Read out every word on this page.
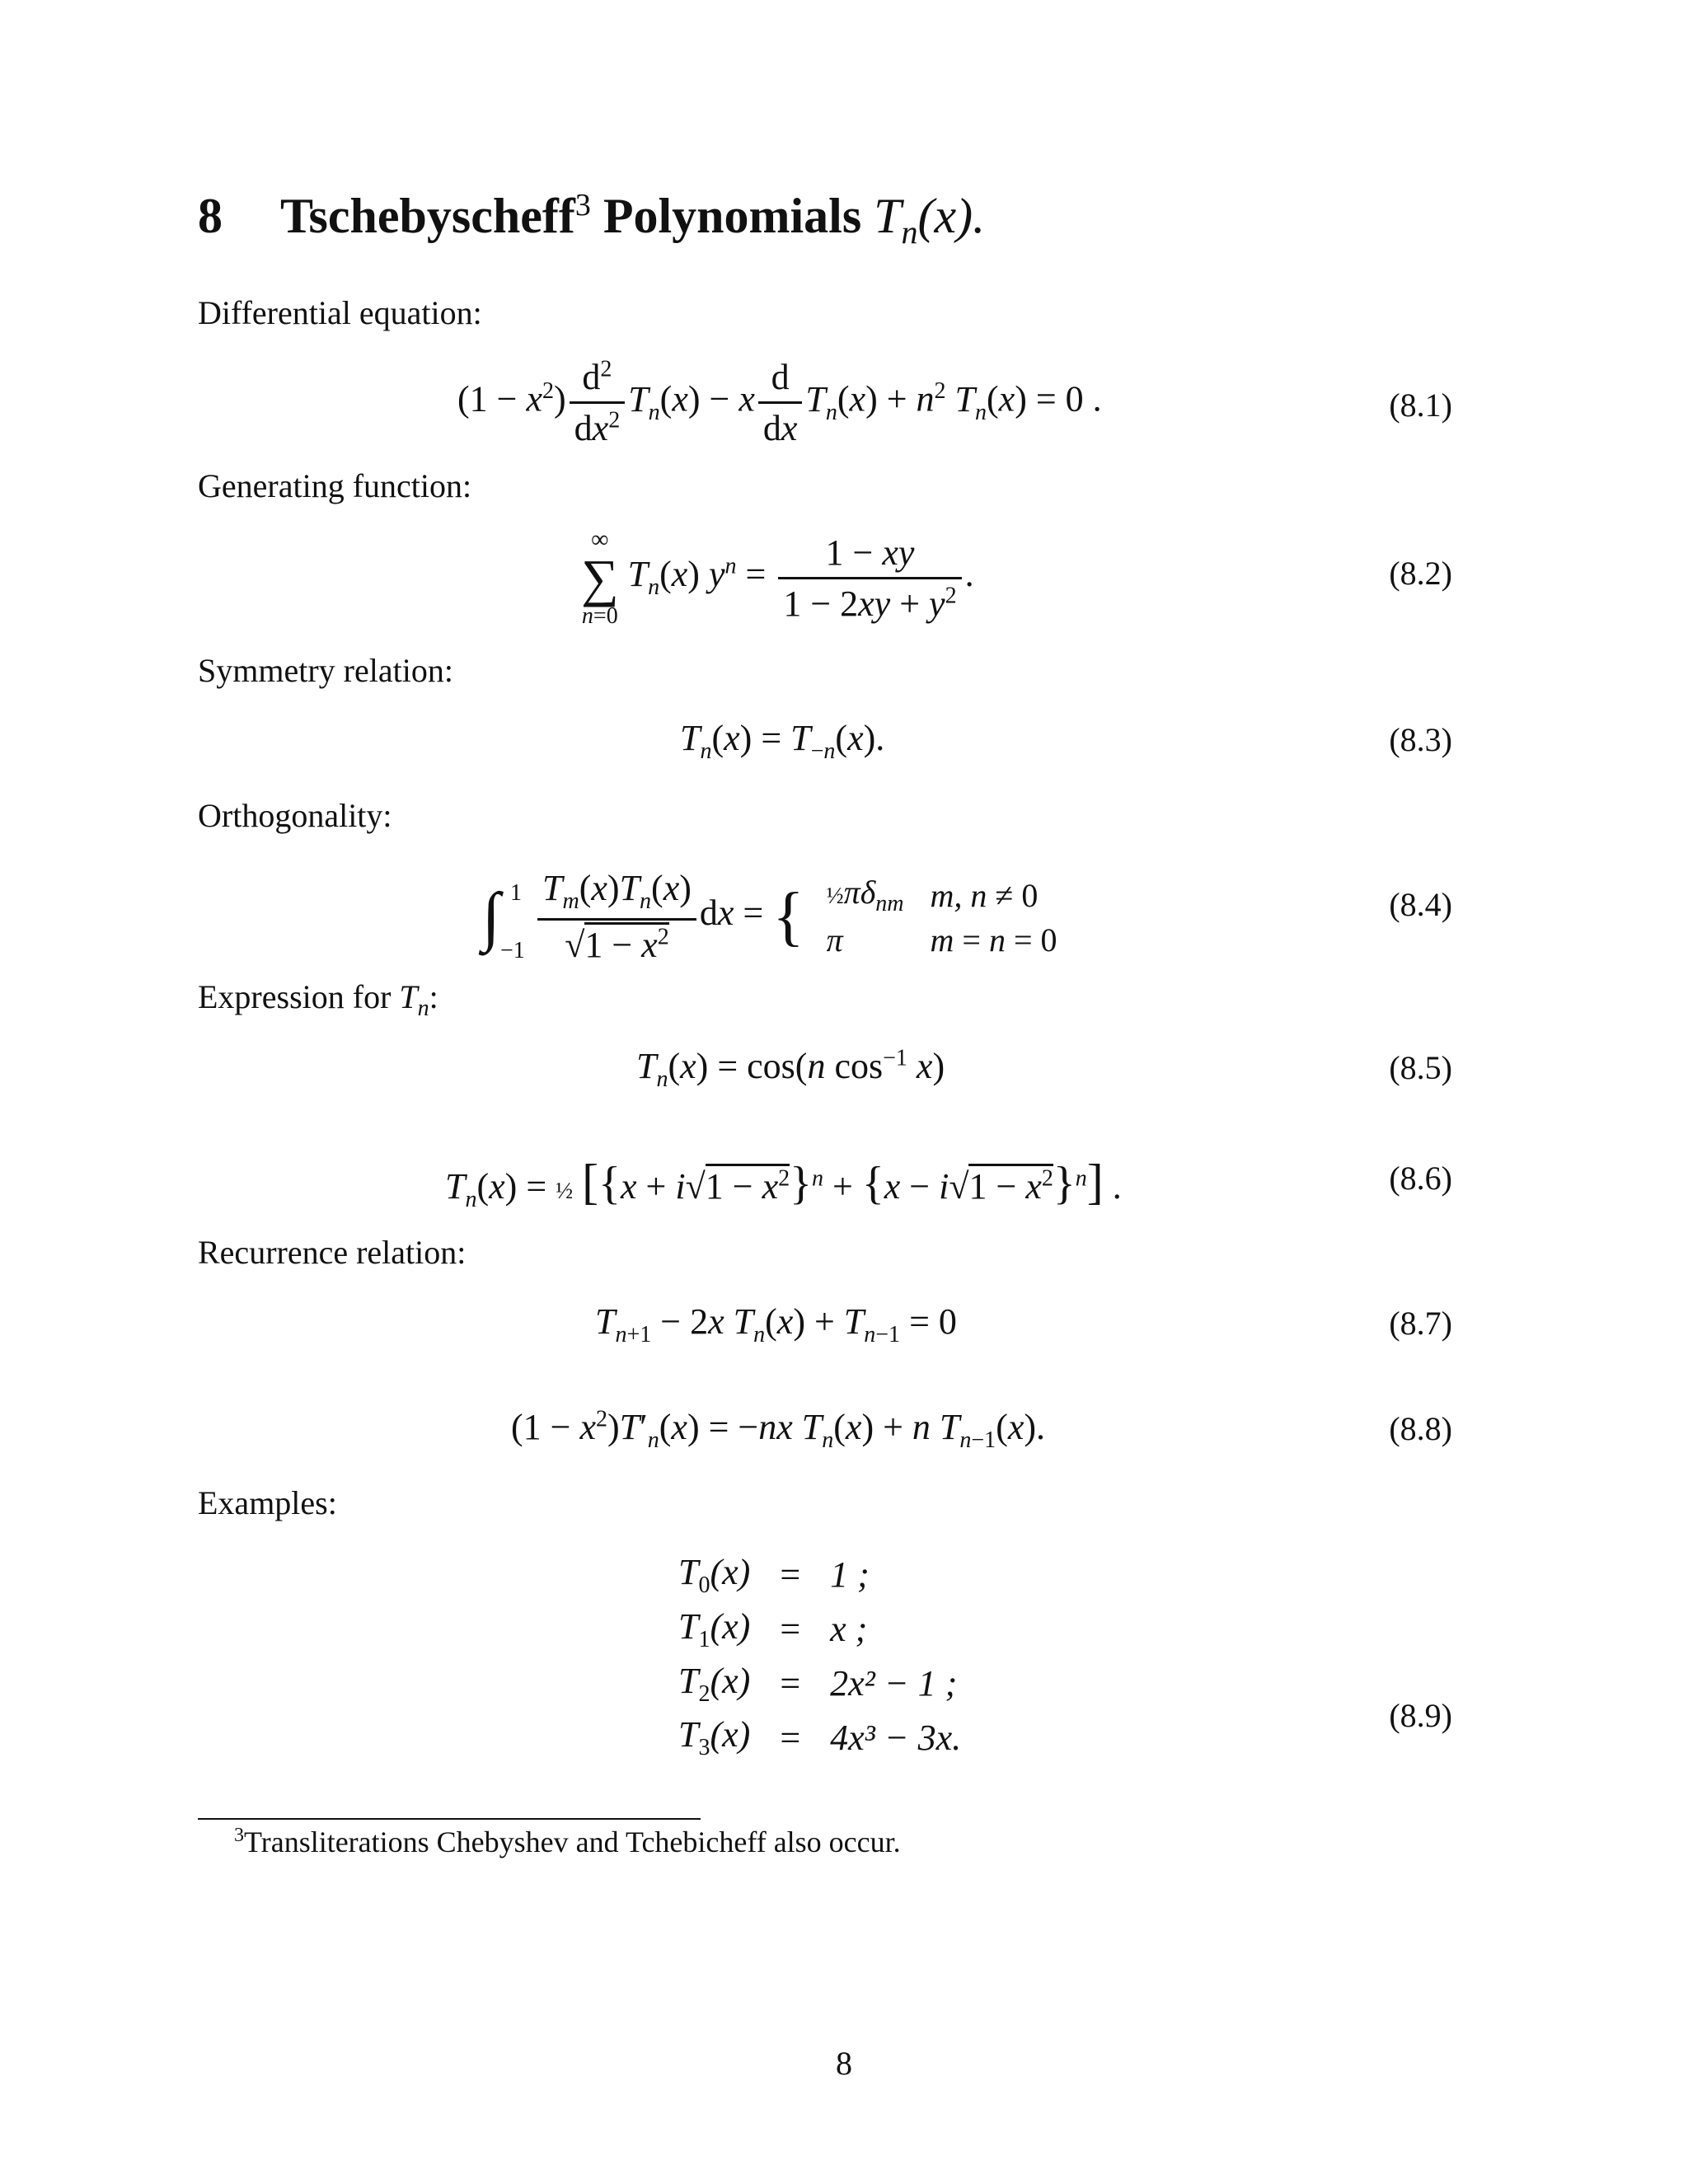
8 Tschebyscheff$^3$ Polynomials $T_n(x)$.
Differential equation:
$(1 - x^2) \frac{d^2}{dx^2} T_n(x) - x \frac{d}{dx} T_n(x) + n^2$ $T_n(x) = 0$ .	(8.1)
Generating function:
∞
∑
n=0
$T_n(x) y^n = \frac{1 - xy}{1 - 2xy + y^2}$ .	(8.2)
Symmetry relation:
$T_n(x) = T_{-n}(x)$.	(8.3)
Orthogonality:
∫ 1
−1
$\frac{T_m(x)T_n(x)}{√1 - x^2}$ dx = { $\frac{1}{2}\pi\delta_{nm}$	m, n ≠ 0
π	m = n = 0
(8.4)
Expression for $T_n$:
$T_n(x) = \cos(n$ $\cos^{-1} x$)	(8.5)
$T_n(x)$ = ½ $[\{x + i√1 - x^2\}^n + \{x - i√1 - x^2\}^n]$ .	(8.6)
Recurrence relation:
$T_{n+1} - 2x$ $T_n(x) + T_{n-1} = 0$	(8.7)
$(1 - x^2)T'_n(x) = -nx$ $T_n(x) + n$ $T_{n-1}(x)$.	(8.8)
Examples:
$T_0(x)$	=	1 ;
$T_1(x)$	=	x ;
$T_2(x)$	=	2x² − 1 ;
$T_3(x)$	=	4x³ − 3x.
(8.9)
$^3$Transliterations Chebyshev and Tchebicheff also occur.
8
